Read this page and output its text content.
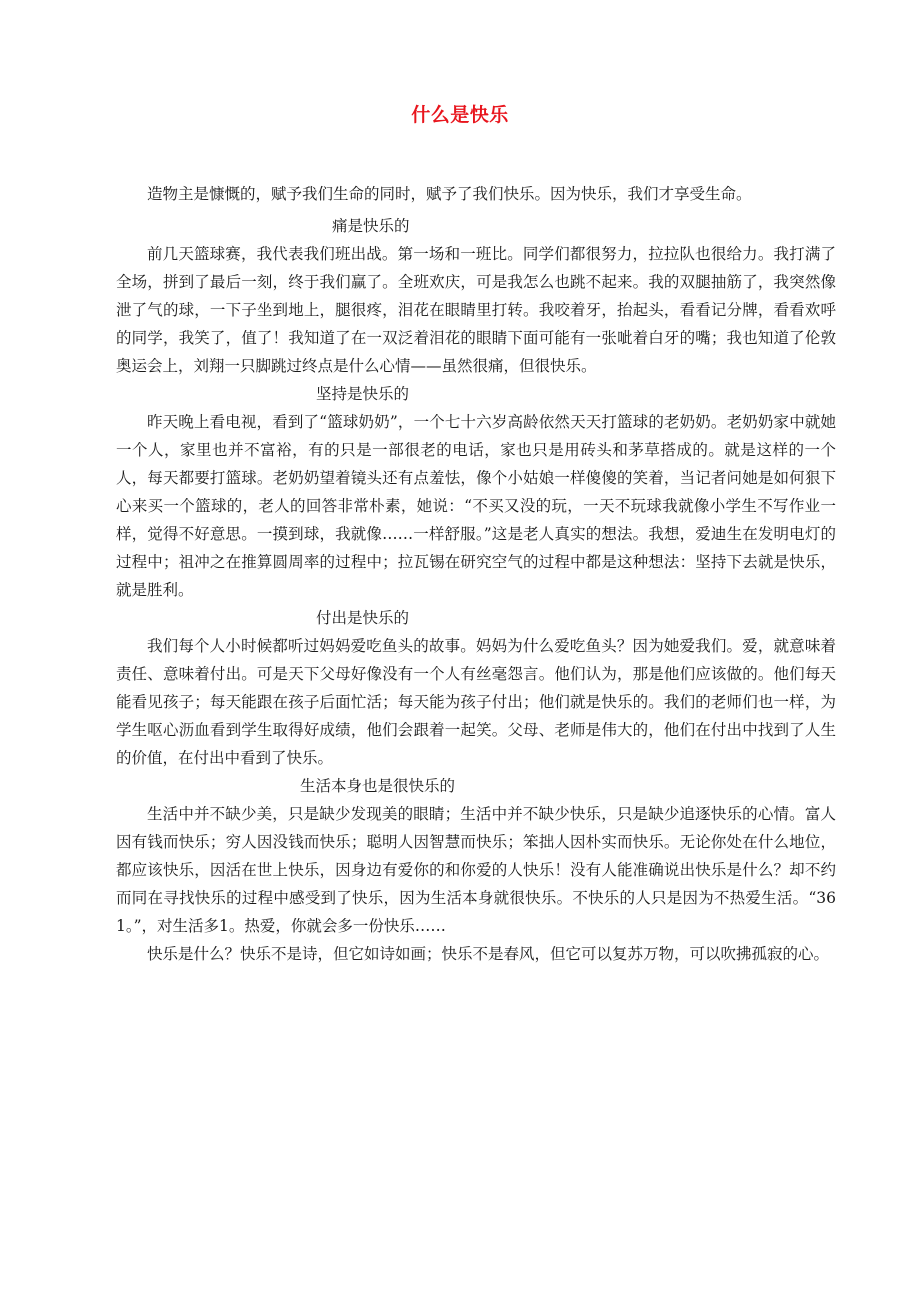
什么是快乐

造物主是慷慨的，赋予我们生命的同时，赋予了我们快乐。因为快乐，我们才享受生命。

痛是快乐的

前几天篮球赛，我代表我们班出战。第一场和一班比。同学们都很努力，拉拉队也很给力。我打满了全场，拼到了最后一刻，终于我们赢了。全班欢庆，可是我怎么也跳不起来。我的双腿抽筋了，我突然像泄了气的球，一下子坐到地上，腿很疼，泪花在眼睛里打转。我咬着牙，抬起头，看看记分牌，看看欢呼的同学，我笑了，值了！我知道了在一双泛着泪花的眼睛下面可能有一张呲着白牙的嘴；我也知道了伦敦奥运会上，刘翔一只脚跳过终点是什么心情——虽然很痛，但很快乐。

坚持是快乐的

昨天晚上看电视，看到了“篮球奶奶”，一个七十六岁高龄依然天天打篮球的老奶奶。老奶奶家中就她一个人，家里也并不富裕，有的只是一部很老的电话，家也只是用砖头和茅草搭成的。就是这样的一个人，每天都要打篮球。老奶奶望着镜头还有点羞怯，像个小姑娘一样傻傻的笑着，当记者问她是如何狠下心来买一个篮球的，老人的回答非常朴素，她说：“不买又没的玩，一天不玩球我就像小学生不写作业一样，觉得不好意思。一摸到球，我就像……一样舒服。”这是老人真实的想法。我想，爱迪生在发明电灯的过程中；祖冲之在推算圆周率的过程中；拉瓦锡在研究空气的过程中都是这种想法：坚持下去就是快乐，就是胜利。

付出是快乐的

我们每个人小时候都听过妈妈爱吃鱼头的故事。妈妈为什么爱吃鱼头？因为她爱我们。爱，就意味着责任、意味着付出。可是天下父母好像没有一个人有丝毫怨言。他们认为，那是他们应该做的。他们每天能看见孩子；每天能跟在孩子后面忙活；每天能为孩子付出；他们就是快乐的。我们的老师们也一样，为学生呕心沥血看到学生取得好成绩，他们会跟着一起笑。父母、老师是伟大的，他们在付出中找到了人生的价值，在付出中看到了快乐。

生活本身也是很快乐的

生活中并不缺少美，只是缺少发现美的眼睛；生活中并不缺少快乐，只是缺少追逐快乐的心情。富人因有钱而快乐；穷人因没钱而快乐；聪明人因智慧而快乐；笨拙人因朴实而快乐。无论你处在什么地位，都应该快乐，因活在世上快乐，因身边有爱你的和你爱的人快乐！没有人能准确说出快乐是什么？却不约而同在寻找快乐的过程中感受到了快乐，因为生活本身就很快乐。不快乐的人只是因为不热爱生活。“361。”，对生活多1。热爱，你就会多一份快乐……

快乐是什么？快乐不是诗，但它如诗如画；快乐不是春风，但它可以复苏万物，可以吹拂孤寂的心。
